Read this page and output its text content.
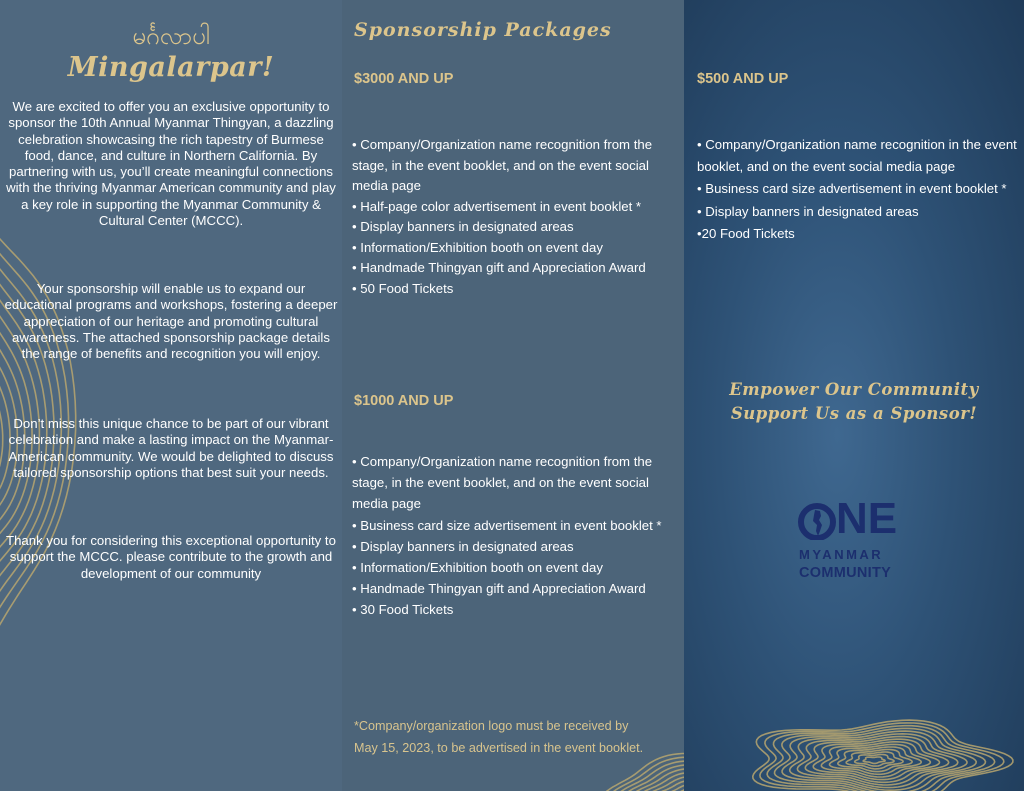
မင်္ဂလာပါ
Mingalarpar!
We are excited to offer you an exclusive opportunity to sponsor the 10th Annual Myanmar Thingyan, a dazzling celebration showcasing the rich tapestry of Burmese food, dance, and culture in Northern California. By partnering with us, you’ll create meaningful connections with the thriving Myanmar American community and play a key role in supporting the Myanmar Community & Cultural Center (MCCC).
Your sponsorship will enable us to expand our educational programs and workshops, fostering a deeper appreciation of our heritage and promoting cultural awareness. The attached sponsorship package details the range of benefits and recognition you will enjoy.
Don’t miss this unique chance to be part of our vibrant celebration and make a lasting impact on the Myanmar-American community. We would be delighted to discuss tailored sponsorship options that best suit your needs.
Thank you for considering this exceptional opportunity to support the MCCC. please contribute to the growth and development of our community
Sponsorship Packages
$3000 AND UP
• Company/Organization name recognition from the stage, in the event booklet, and on the event social media page
• Half-page color advertisement in event booklet *
• Display banners in designated areas
• Information/Exhibition booth on event day
• Handmade Thingyan gift and Appreciation Award
• 50 Food Tickets
$1000 AND UP
• Company/Organization name recognition from the stage, in the event booklet, and on the event social media page
• Business card size advertisement in event booklet *
• Display banners in designated areas
• Information/Exhibition booth on event day
• Handmade Thingyan gift and Appreciation Award
• 30 Food Tickets
*Company/organization logo must be received by May 15, 2023, to be advertised in the event booklet.
$500 AND UP
• Company/Organization name recognition in the event booklet, and on the event social media page
• Business card size advertisement in event booklet *
• Display banners in designated areas
•20 Food Tickets
Empower Our Community
Support Us as a Sponsor!
NE
MYANMAR
COMMUNITY
